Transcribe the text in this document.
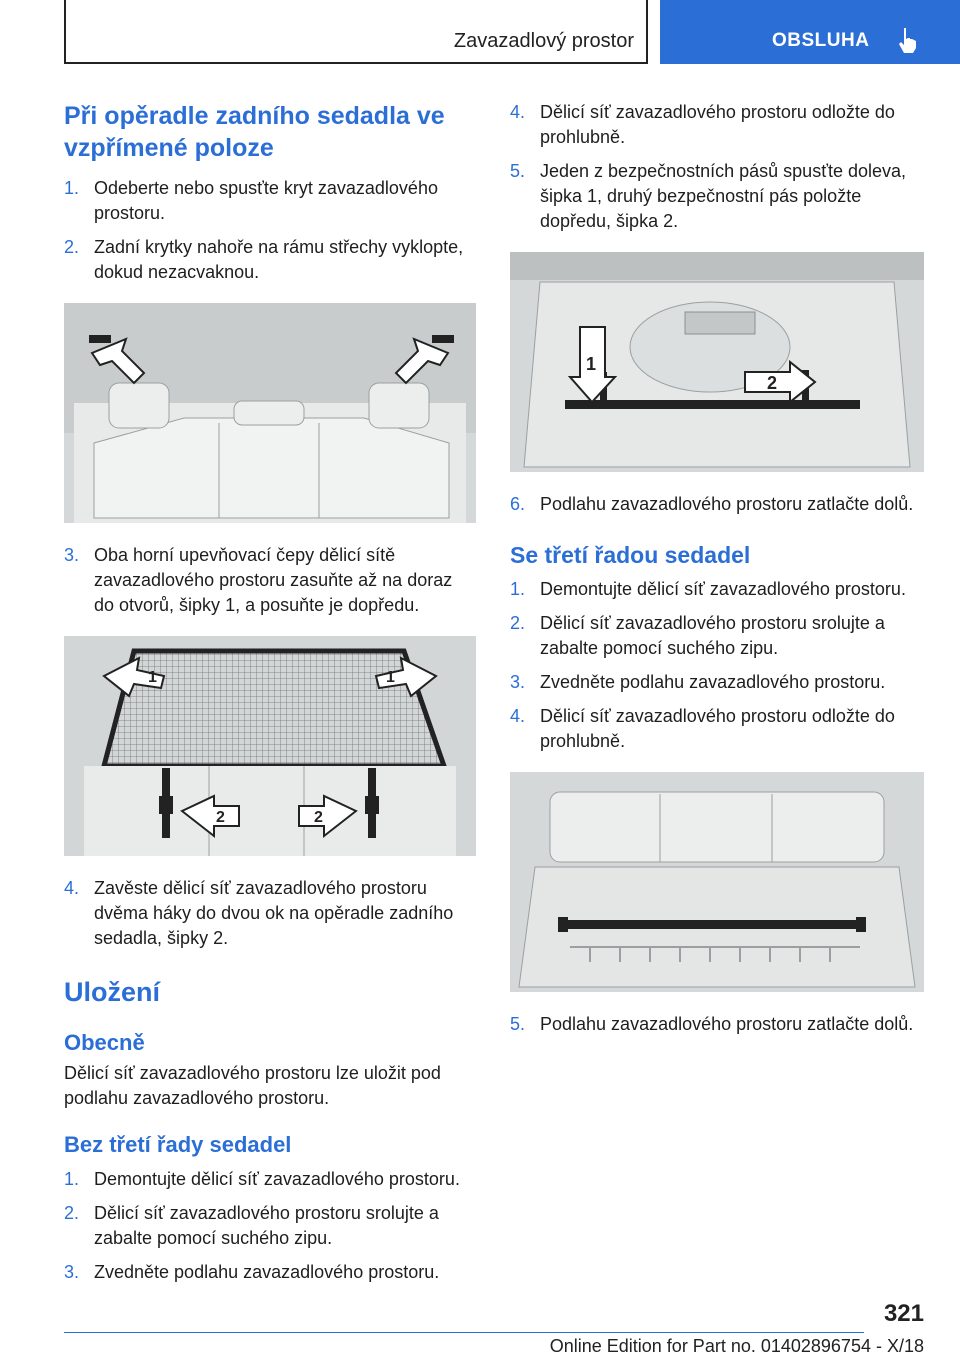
Zavazadlový prostor	OBSLUHA
Při opěradle zadního sedadla ve vzpřímené poloze
1. Odeberte nebo spusťte kryt zavazadlového prostoru.
2. Zadní krytky nahoře na rámu střechy vyklopte, dokud nezacvaknou.
3. Oba horní upevňovací čepy dělicí sítě zavazadlového prostoru zasuňte až na doraz do otvorů, šipky 1, a posuňte je dopředu.
1	1
2	2
4. Zavěste dělicí síť zavazadlového prostoru dvěma háky do dvou ok na opěradle zadního sedadla, šipky 2.
Uložení
Obecně

Dělicí síť zavazadlového prostoru lze uložit pod podlahu zavazadlového prostoru.

Bez třetí řady sedadel
1. Demontujte dělicí síť zavazadlového prostoru.
2. Dělicí síť zavazadlového prostoru srolujte a zabalte pomocí suchého zipu.
3. Zvedněte podlahu zavazadlového prostoru.
4. Dělicí síť zavazadlového prostoru odložte do prohlubně.
5. Jeden z bezpečnostních pásů spusťte doleva, šipka 1, druhý bezpečnostní pás položte dopředu, šipka 2.
1
2
6. Podlahu zavazadlového prostoru zatlačte dolů.
Se třetí řadou sedadel
1. Demontujte dělicí síť zavazadlového prostoru.
2. Dělicí síť zavazadlového prostoru srolujte a zabalte pomocí suchého zipu.
3. Zvedněte podlahu zavazadlového prostoru.
4. Dělicí síť zavazadlového prostoru odložte do prohlubně.
5. Podlahu zavazadlového prostoru zatlačte dolů.
321
Online Edition for Part no. 01402896754 - X/18
